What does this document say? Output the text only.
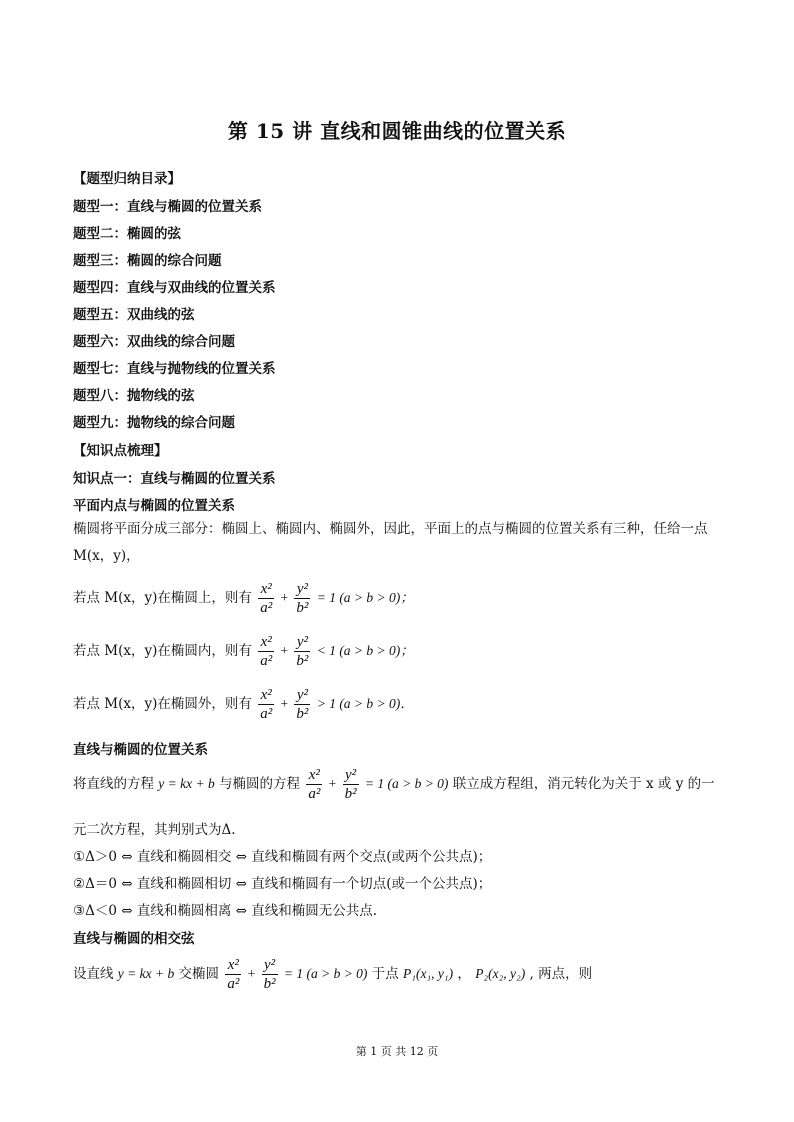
第 15 讲 直线和圆锥曲线的位置关系
【题型归纳目录】
题型一：直线与椭圆的位置关系
题型二：椭圆的弦
题型三：椭圆的综合问题
题型四：直线与双曲线的位置关系
题型五：双曲线的弦
题型六：双曲线的综合问题
题型七：直线与抛物线的位置关系
题型八：抛物线的弦
题型九：抛物线的综合问题
【知识点梳理】
知识点一：直线与椭圆的位置关系
平面内点与椭圆的位置关系
椭圆将平面分成三部分：椭圆上、椭圆内、椭圆外，因此，平面上的点与椭圆的位置关系有三种，任给一点 M(x，y)，
若点 M(x，y)在椭圆上，则有 $\frac{\text{x²}}{\text{a²}} + \frac{\text{y²}}{\text{b²}} = 1$ (a > b > 0)；
若点 M(x，y)在椭圆内，则有 $\frac{\text{x²}}{\text{a²}} + \frac{\text{y²}}{\text{b²}} < 1$ (a > b > 0)；
若点 M(x，y)在椭圆外，则有 $\frac{\text{x²}}{\text{a²}} + \frac{\text{y²}}{\text{b²}} > 1$ (a > b > 0)．
直线与椭圆的位置关系
将直线的方程 y = kx + b 与椭圆的方程 $\frac{\text{x²}}{\text{a²}} + \frac{\text{y²}}{\text{b²}} = 1$ (a > b > 0) 联立成方程组，消元转化为关于 x 或 y 的一
元二次方程，其判别式为Δ.
①Δ＞0 ⇔ 直线和椭圆相交 ⇔ 直线和椭圆有两个交点(或两个公共点)；
②Δ＝0 ⇔ 直线和椭圆相切 ⇔ 直线和椭圆有一个切点(或一个公共点)；
③Δ＜0 ⇔ 直线和椭圆相离 ⇔ 直线和椭圆无公共点.
直线与椭圆的相交弦
设直线 y = kx + b 交椭圆 $\frac{\text{x²}}{\text{a²}} + \frac{\text{y²}}{\text{b²}} = 1$ (a > b > 0) 于点 P₁(x₁, y₁) ， P₂(x₂, y₂) , 两点，则
第 1 页 共 12 页
